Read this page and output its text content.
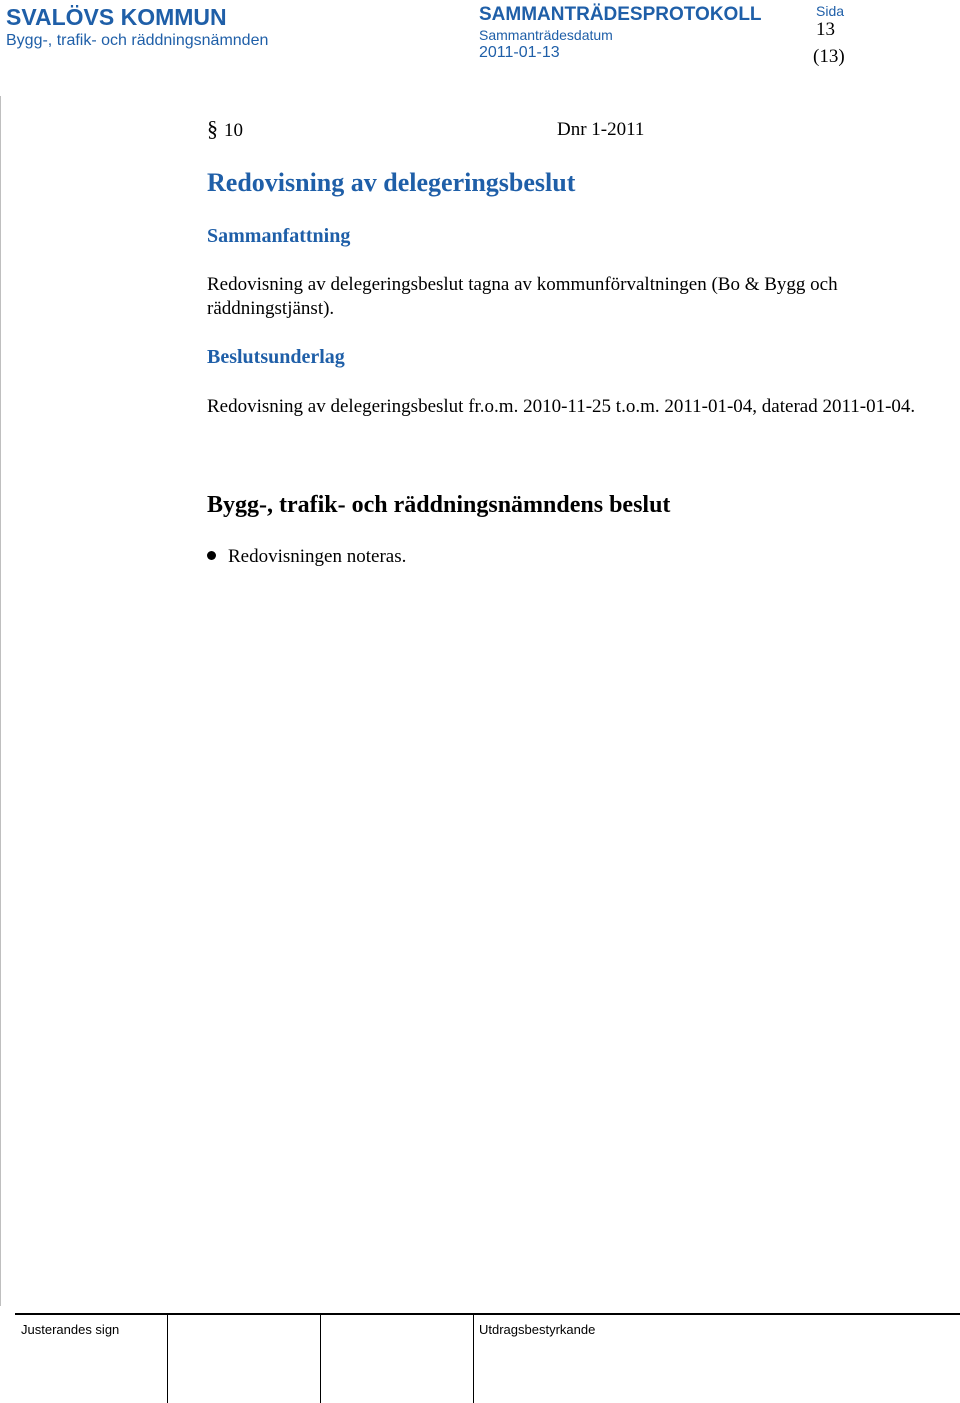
SVALÖVS KOMMUN
Bygg-, trafik- och räddningsnämnden
SAMMANTRÄDESPROTOKOLL
Sammanträdesdatum
2011-01-13
Sida
13
(13)
§ 10	Dnr 1-2011
Redovisning av delegeringsbeslut
Sammanfattning
Redovisning av delegeringsbeslut tagna av kommunförvaltningen (Bo & Bygg och räddningstjänst).
Beslutsunderlag
Redovisning av delegeringsbeslut fr.o.m. 2010-11-25 t.o.m. 2011-01-04, daterad 2011-01-04.
Bygg-, trafik- och räddningsnämndens beslut
Redovisningen noteras.
Justerandes sign	Utdragsbestyrkande
